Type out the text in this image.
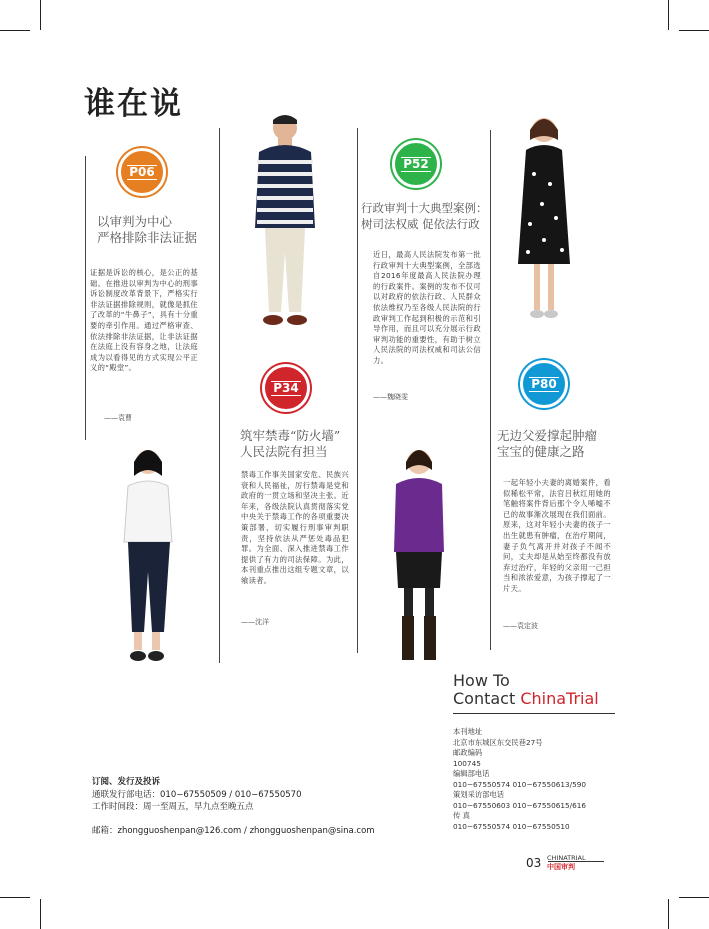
谁在说
P06
以审判为中心
严格排除非法证据
证据是诉讼的核心，是公正的基础。在推进以审判为中心的刑事诉讼制度改革背景下，严格实行非法证据排除规则，就像是抓住了改革的“牛鼻子”，具有十分重要的牵引作用。通过严格审查、依法排除非法证据，让非法证据在法庭上没有容身之地，让法庭成为以看得见的方式实现公平正义的“殿堂”。
——袁曹
P34
筑牢禁毒“防火墙”
人民法院有担当
禁毒工作事关国家安危、民族兴衰和人民福祉，厉行禁毒是党和政府的一贯立场和坚决主张。近年来，各级法院认真贯彻落实党中央关于禁毒工作的各项重要决策部署，切实履行刑事审判职责，坚持依法从严惩处毒品犯罪。为全面、深入推进禁毒工作提供了有力的司法保障。为此，本刊重点推出这组专题文章，以飨读者。
——沈洋
P52
行政审判十大典型案例：
树司法权威 促依法行政
近日，最高人民法院发布第一批行政审判十大典型案例，全部选自2016年度最高人民法院办理的行政案件。案例的发布不仅可以对政府的依法行政、人民群众依法维权乃至各级人民法院的行政审判工作起到积极的示范和引导作用，而且可以充分展示行政审判功能的重要性，有助于树立人民法院的司法权威和司法公信力。
——魏晓雯
P80
无边父爱撑起肿瘤
宝宝的健康之路
一起年轻小夫妻的离婚案件，看似稀松平常，法官吕秋红用她的笔触将案件背后那个令人唏嘘不已的故事渐次展现在我们面前。原来，这对年轻小夫妻的孩子一出生就患有肿瘤，在治疗期间，妻子负气离开并对孩子不闻不问，丈夫却是从始至终都没有放弃过治疗，年轻的父亲用一己担当和浓浓爱意，为孩子撑起了一片天。
——袁定波
How To
Contact ChinaTrial
本刊地址
北京市东城区东交民巷27号
邮政编码
100745
编辑部电话
010−67550574 010−67550613/590
策划采访部电话
010−67550603 010−67550615/616
传 真
010−67550574 010−67550510
订阅、发行及投诉
通联发行部电话：010−67550509 / 010−67550570
工作时间段：周一至周五，早九点至晚五点
邮箱：zhongguoshenpan@126.com / zhongguoshenpan@sina.com
03 CHINATRIAL
中国审判
